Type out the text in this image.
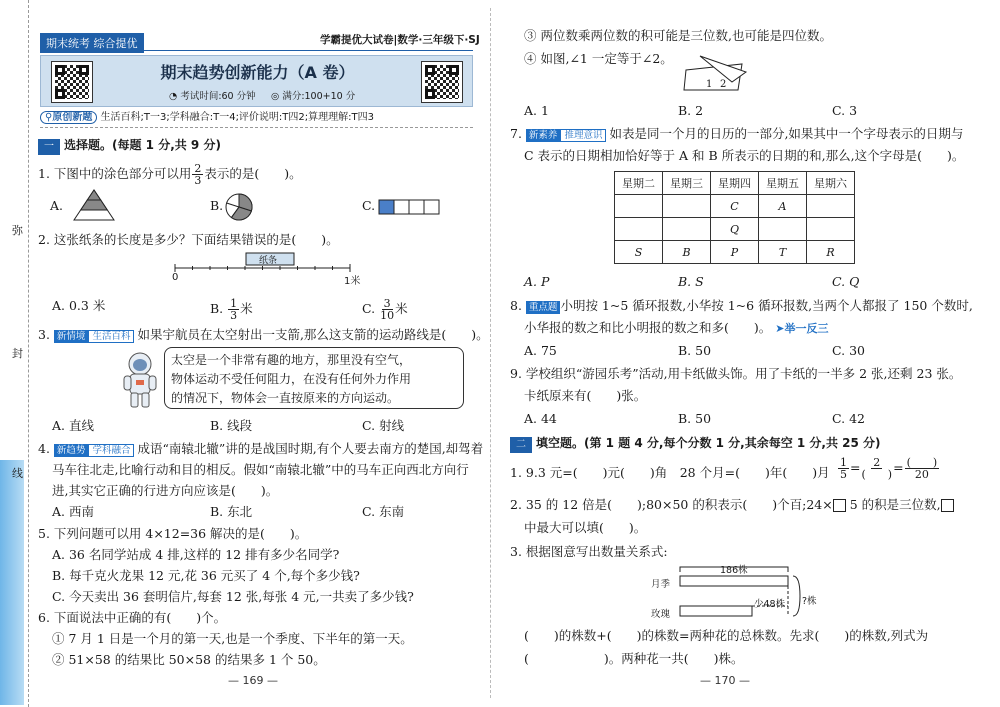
弥
封
线
期末统考 综合提优	学霸提优大试卷|数学·三年级下·SJ
期末趋势创新能力（A 卷）
◔ 考试时间:60 分钟 ◎ 满分:100+10 分
⚲原创新题 生活百科;T一3;学科融合:T一4;评价说明:T四2;算理理解:T四3
一 选择题。(每题 1 分,共 9 分)
1. 下图中的涂色部分可以用 $\frac{2}{3}$ 表示的是(　　)。
A.	B.	C.
2. 这张纸条的长度是多少？下面结果错误的是(　　)。
纸条
0	1米
A. 0.3 米	B. $\frac{1}{3}$ 米	C. $\frac{3}{10}$ 米
3. 新情境 生活百科 如果宇航员在太空射出一支箭,那么这支箭的运动路线是(　　)。
太空是一个非常有趣的地方，那里没有空气，
物体运动不受任何阻力，在没有任何外力作用
的情况下，物体会一直按原来的方向运动。
A. 直线	B. 线段	C. 射线
4. 新趋势 学科融合 成语“南辕北辙”讲的是战国时期,有个人要去南方的楚国,却驾着
马车往北走,比喻行动和目的相反。假如“南辕北辙”中的马车正向西北方向行
进,其实它正确的行进方向应该是(　　)。
A. 西南	B. 东北	C. 东南
5. 下列问题可以用 4×12=36 解决的是(　　)。
A. 36 名同学站成 4 排,这样的 12 排有多少名同学?
B. 每千克火龙果 12 元,花 36 元买了 4 个,每个多少钱?
C. 今天卖出 36 套明信片,每套 12 张,每张 4 元,一共卖了多少钱?
6. 下面说法中正确的有(　　)个。
① 7 月 1 日是一个月的第一天,也是一个季度、下半年的第一天。
② 51×58 的结果比 50×58 的结果多 1 个 50。
— 169 —
③ 两位数乘两位数的积可能是三位数,也可能是四位数。
④ 如图,∠1 一定等于∠2。
1 2
A. 1	B. 2	C. 3
7. 新素养 推理意识 如表是同一个月的日历的一部分,如果其中一个字母表示的日期与
C 表示的日期相加恰好等于 A 和 B 所表示的日期的和,那么,这个字母是(　　)。
星期二	星期三	星期四	星期五	星期六
		C	A	
		Q		
S	B	P	T	R
A. P	B. S	C. Q
8. 重点题 小明按 1~5 循环报数,小华按 1~6 循环报数,当两个人都报了 150 个数时,
小华报的数之和比小明报的数之和多(　　)。 ➤举一反三
A. 75	B. 50	C. 30
9. 学校组织“游园乐考”活动,用卡纸做头饰。用了卡纸的一半多 2 张,还剩 23 张。
卡纸原来有(　　)张。
A. 44	B. 50	C. 42
二 填空题。(第 1 题 4 分,每个分数 1 分,其余每空 1 分,共 25 分)
1. 9.3 元=(　　)元(　　)角　28 个月=(　　)年(　　)月 $\frac{1}{5} = \frac{2}{( )} = \frac{( )}{20}$
2. 35 的 12 倍是(　　);80×50 的积表示(　　)个百;24× 5 的积是三位数,
中最大可以填(　　)。
3. 根据图意写出数量关系式:
186株
月季
玫瑰
少48株 ?株
(　　)的株数+(　　)的株数=两种花的总株数。先求(　　)的株数,列式为
(　　　　　　)。两种花一共(　　)株。
— 170 —
